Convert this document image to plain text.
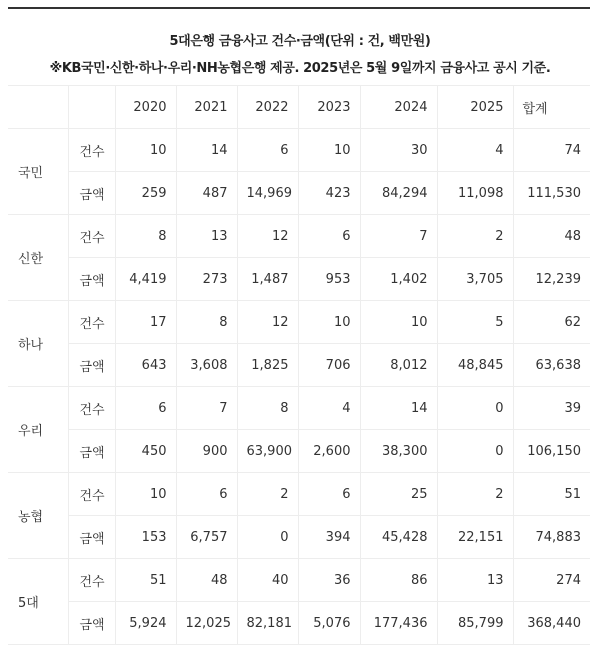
5대은행 금융사고 건수·금액(단위 : 건, 백만원)
※KB국민·신한·하나·우리·NH농협은행 제공. 2025년은 5월 9일까지 금융사고 공시 기준.
		2020	2021	2022	2023	2024	2025	합계
국민	건수	10	14	6	10	30	4	74
	금액	259	487	14,969	423	84,294	11,098	111,530
신한	건수	8	13	12	6	7	2	48
	금액	4,419	273	1,487	953	1,402	3,705	12,239
하나	건수	17	8	12	10	10	5	62
	금액	643	3,608	1,825	706	8,012	48,845	63,638
우리	건수	6	7	8	4	14	0	39
	금액	450	900	63,900	2,600	38,300	0	106,150
농협	건수	10	6	2	6	25	2	51
	금액	153	6,757	0	394	45,428	22,151	74,883
5대	건수	51	48	40	36	86	13	274
	금액	5,924	12,025	82,181	5,076	177,436	85,799	368,440
